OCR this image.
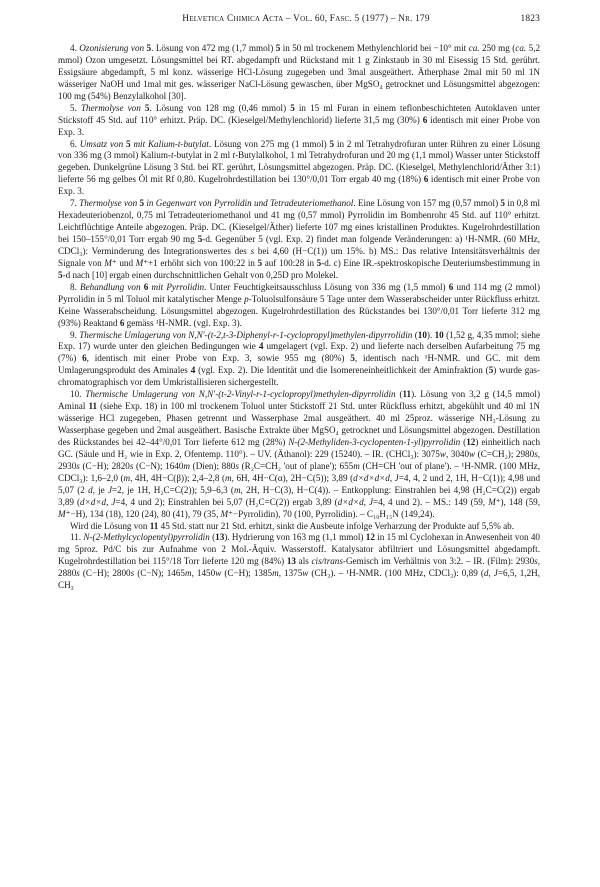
Helvetica Chimica Acta – Vol. 60, Fasc. 5 (1977) – Nr. 179	1823

4. Ozonisierung von 5. Lösung von 472 mg (1,7 mmol) 5 in 50 ml trockenem Methylenchlorid bei −10° mit ca. 250 mg (ca. 5,2 mmol) Ozon umgesetzt. Lösungsmittel bei RT. abgedampft und Rückstand mit 1 g Zinkstaub in 30 ml Eisessig 15 Std. gerührt. Essigsäure abgedampft, 5 ml konz. wässerige HCl-Lösung zugegeben und 3mal ausgeäthert. Ätherphase 2mal mit 50 ml 1N wässeriger NaOH und 1mal mit ges. wässeriger NaCl-Lösung gewaschen, über MgSO₄ getrocknet und Lösungsmittel abgezogen: 100 mg (54%) Benzylalkohol [30].

5. Thermolyse von 5. Lösung von 128 mg (0,46 mmol) 5 in 15 ml Furan in einem teflonbeschichteten Autoklaven unter Stickstoff 45 Std. auf 110° erhitzt. Präp. DC. (Kieselgel/Methylenchlorid) lieferte 31,5 mg (30%) 6 identisch mit einer Probe von Exp. 3.

6. Umsatz von 5 mit Kalium-t-butylat. Lösung von 275 mg (1 mmol) 5 in 2 ml Tetrahydrofuran unter Rühren zu einer Lösung von 336 mg (3 mmol) Kalium-t-butylat in 2 ml t-Butylalkohol, 1 ml Tetrahydrofuran und 20 mg (1,1 mmol) Wasser unter Stickstoff gegeben. Dunkelgrüne Lösung 3 Std. bei RT. gerührt, Lösungsmittel abgezogen. Präp. DC. (Kieselgel, Methylenchlorid/Äther 3:1) lieferte 56 mg gelbes Öl mit Rf 0,80. Kugelrohrdestillation bei 130°/0,01 Torr ergab 40 mg (18%) 6 identisch mit einer Probe von Exp. 3.

7. Thermolyse von 5 in Gegenwart von Pyrrolidin und Tetradeuteriomethanol. Eine Lösung von 157 mg (0,57 mmol) 5 in 0,8 ml Hexadeuteriobenzol, 0,75 ml Tetradeuteriomethanol und 41 mg (0,57 mmol) Pyrrolidin im Bombenrohr 45 Std. auf 110° erhitzt. Leichtflüchtige Anteile abgezogen. Präp. DC. (Kieselgel/Äther) lieferte 107 mg eines kristallinen Produktes. Kugelrohrdestillation bei 150–155°/0,01 Torr ergab 90 mg 5-d. Gegenüber 5 (vgl. Exp. 2) findet man folgende Veränderungen: a) ¹H-NMR. (60 MHz, CDCl₃): Verminderung des Integrationswertes des s bei 4,60 (H−C(1)) um 15%. b) MS.: Das relative Intensitätsverhältnis der Signale von M⁺ und M⁺+1 erhöht sich von 100:22 in 5 auf 100:28 in 5-d. c) Eine IR.-spektroskopische Deuteriumsbestimmung in 5-d nach [10] ergab einen durchschnittlichen Gehalt von 0,25D pro Molekel.

8. Behandlung von 6 mit Pyrrolidin. Unter Feuchtigkeitsausschluss Lösung von 336 mg (1,5 mmol) 6 und 114 mg (2 mmol) Pyrrolidin in 5 ml Toluol mit katalytischer Menge p-Toluolsulfonsäure 5 Tage unter dem Wasserabscheider unter Rückfluss erhitzt. Keine Wasserabscheidung. Lösungsmittel abgezogen. Kugelrohrdestillation des Rückstandes bei 130°/0,01 Torr lieferte 312 mg (93%) Reaktand 6 gemäss ¹H-NMR. (vgl. Exp. 3).

9. Thermische Umlagerung von N,N′-(t-2,t-3-Diphenyl-r-1-cyclopropyl)methylen-dipyrrolidin (10). 10 (1,52 g, 4,35 mmol; siehe Exp. 17) wurde unter den gleichen Bedingungen wie 4 umgelagert (vgl. Exp. 2) und lieferte nach derselben Aufarbeitung 75 mg (7%) 6, identisch mit einer Probe von Exp. 3, sowie 955 mg (80%) 5, identisch nach ¹H-NMR. und GC. mit dem Umlagerungsprodukt des Aminales 4 (vgl. Exp. 2). Die Identität und die Isomereneinheitlichkeit der Aminfraktion (5) wurde gas-chromatographisch vor dem Umkristallisieren sichergestellt.

10. Thermische Umlagerung von N,N′-(t-2-Vinyl-r-1-cyclopropyl)methylen-dipyrrolidin (11). Lösung von 3,2 g (14,5 mmol) Aminal 11 (siehe Exp. 18) in 100 ml trockenem Toluol unter Stickstoff 21 Std. unter Rückfluss erhitzt, abgekühlt und 40 ml 1N wässerige HCl zugegeben, Phasen getrennt und Wasserphase 2mal ausgeäthert. 40 ml 25proz. wässerige NH₃-Lösung zu Wasserphase gegeben und 2mal ausgeäthert. Basische Extrakte über MgSO₄ getrocknet und Lösungsmittel abgezogen. Destillation des Rückstandes bei 42–44°/0,01 Torr lieferte 612 mg (28%) N-(2-Methyliden-3-cyclopenten-1-yl)pyrrolidin (12) einheitlich nach GC. (Säule und H₂ wie in Exp. 2, Ofentemp. 110°). – UV. (Äthanol): 229 (15240). – IR. (CHCl₃): 3075w, 3040w (C=CH₂); 2980s, 2930s (C−H); 2820s (C−N); 1640m (Dien); 880s (R₂C=CH₂ 'out of plane'); 655m (CH=CH 'out of plane'). – ¹H-NMR. (100 MHz, CDCl₃): 1,6–2,0 (m, 4H, 4H−C(β)); 2,4–2,8 (m, 6H, 4H−C(α), 2H−C(5)); 3,89 (d×d×d×d, J=4, 4, 2 und 2, 1H, H−C(1)); 4,98 und 5,07 (2 d, je J=2, je 1H, H₂C=C(2)); 5,9–6,3 (m, 2H, H−C(3), H−C(4)). – Entkopplung: Einstrahlen bei 4,98 (H₂C=C(2)) ergab 3,89 (d×d×d, J=4, 4 und 2); Einstrahlen bei 5,07 (H₂C=C(2)) ergab 3,89 (d×d×d, J=4, 4 und 2). – MS.: 149 (59, M⁺), 148 (59, M⁺−H), 134 (18), 120 (24), 80 (41), 79 (35, M⁺−Pyrrolidin), 70 (100, Pyrrolidin). – C₁₀H₁₅N (149,24).

Wird die Lösung von 11 45 Std. statt nur 21 Std. erhitzt, sinkt die Ausbeute infolge Verharzung der Produkte auf 5,5% ab.

11. N-(2-Methylcyclopentyl)pyrrolidin (13). Hydrierung von 163 mg (1,1 mmol) 12 in 15 ml Cyclohexan in Anwesenheit von 40 mg 5proz. Pd/C bis zur Aufnahme von 2 Mol.-Äquiv. Wasserstoff. Katalysator abfiltriert und Lösungsmittel abgedampft. Kugelrohrdestillation bei 115°/18 Torr lieferte 120 mg (84%) 13 als cis/trans-Gemisch im Verhältnis von 3:2. – IR. (Film): 2930s, 2880s (C−H); 2800s (C−N); 1465m, 1450w (C−H); 1385m, 1375w (CH₃). – ¹H-NMR. (100 MHz, CDCl₃): 0,89 (d, J=6,5, 1,2H, CH₃
